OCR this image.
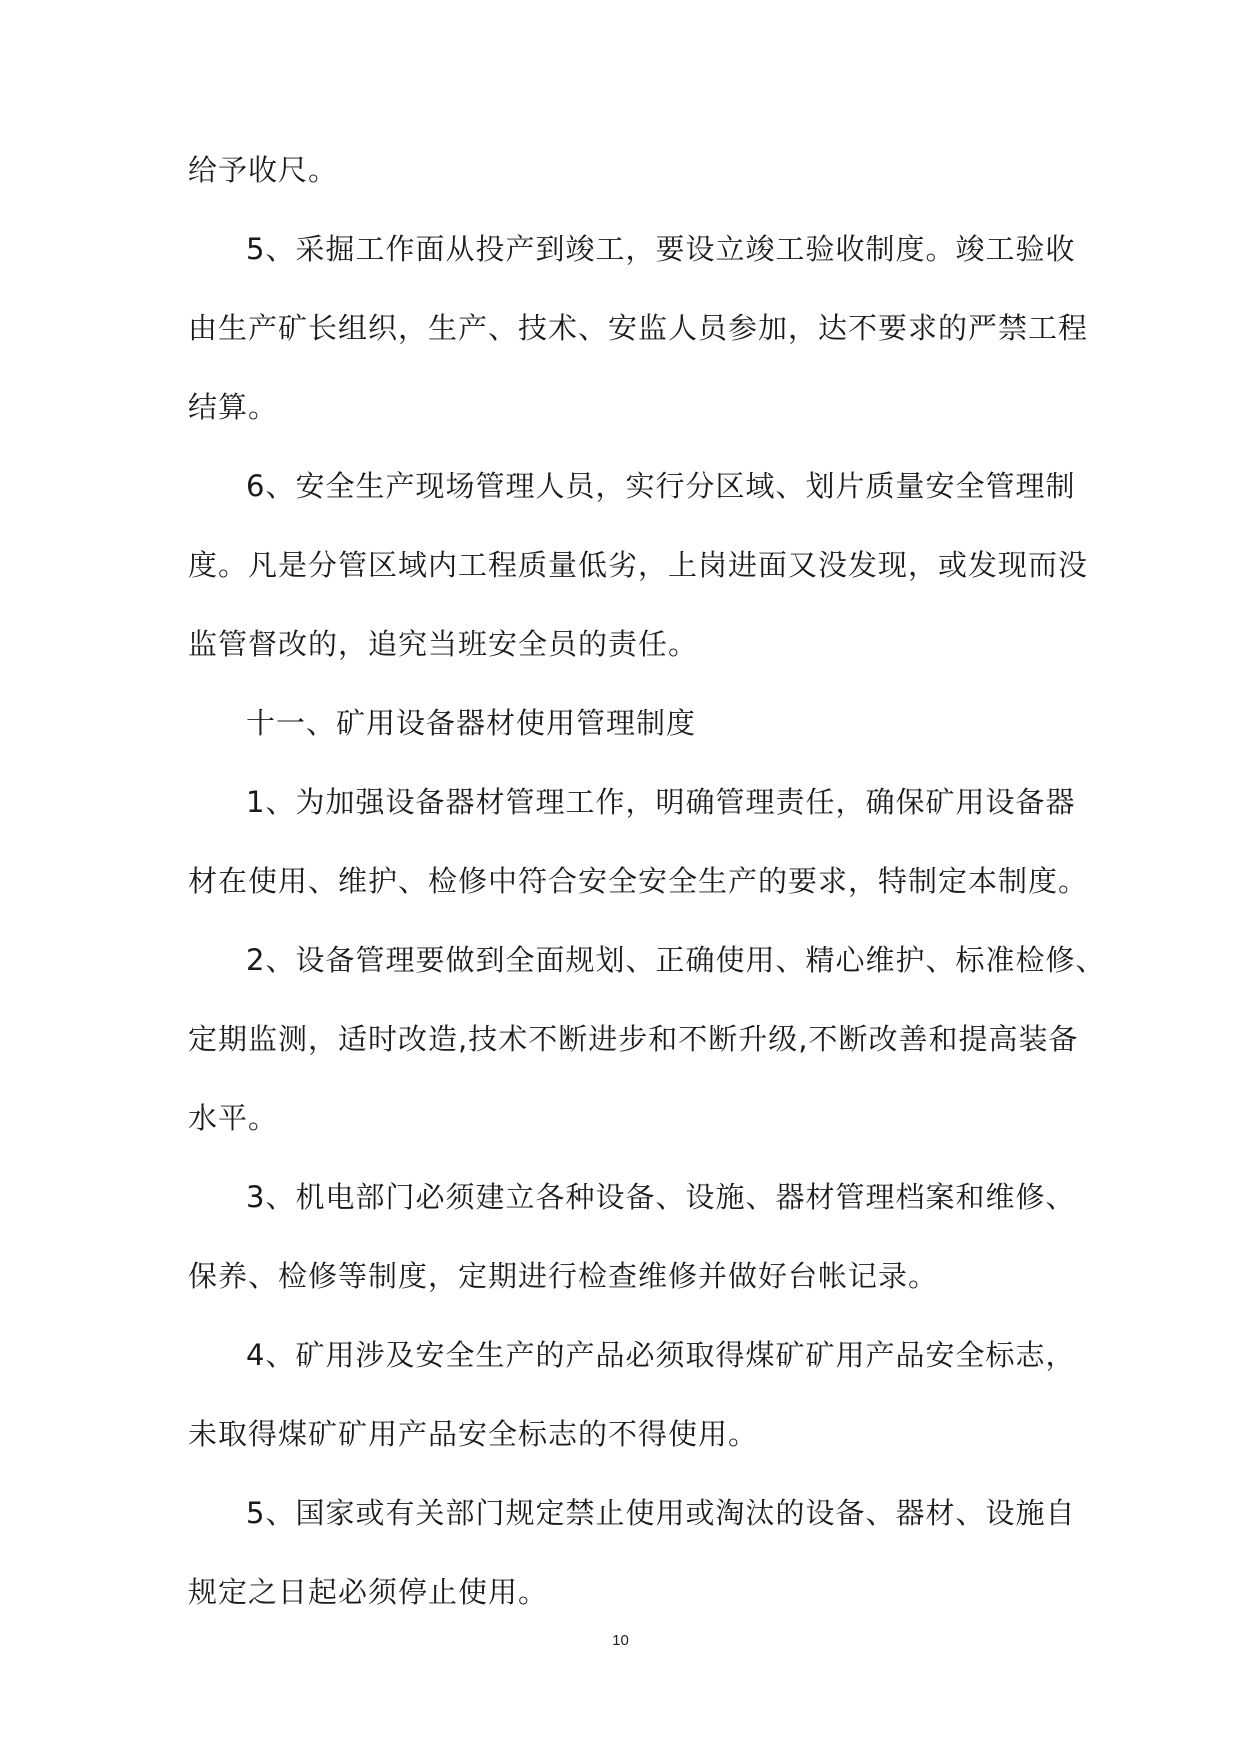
给予收尺。
5、采掘工作面从投产到竣工，要设立竣工验收制度。竣工验收
由生产矿长组织，生产、技术、安监人员参加，达不要求的严禁工程
结算。
6、安全生产现场管理人员，实行分区域、划片质量安全管理制
度。凡是分管区域内工程质量低劣，上岗进面又没发现，或发现而没
监管督改的，追究当班安全员的责任。
十一、矿用设备器材使用管理制度
1、为加强设备器材管理工作，明确管理责任，确保矿用设备器
材在使用、维护、检修中符合安全安全生产的要求，特制定本制度。
2、设备管理要做到全面规划、正确使用、精心维护、标准检修、
定期监测，适时改造,技术不断进步和不断升级,不断改善和提高装备
水平。
3、机电部门必须建立各种设备、设施、器材管理档案和维修、
保养、检修等制度，定期进行检查维修并做好台帐记录。
4、矿用涉及安全生产的产品必须取得煤矿矿用产品安全标志，
未取得煤矿矿用产品安全标志的不得使用。
5、国家或有关部门规定禁止使用或淘汰的设备、器材、设施自
规定之日起必须停止使用。
10
